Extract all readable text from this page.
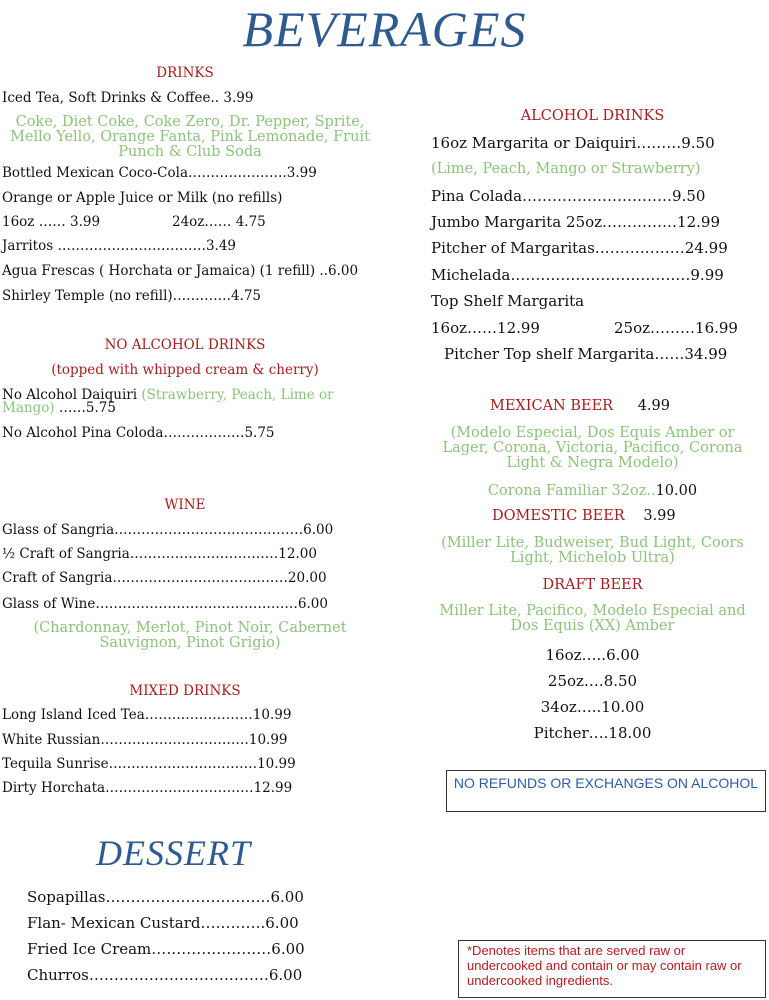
BEVERAGES
DRINKS
Iced Tea, Soft Drinks & Coffee.. 3.99
Coke, Diet Coke, Coke Zero, Dr. Pepper, Sprite, Mello Yello, Orange Fanta, Pink Lemonade, Fruit Punch & Club Soda
Bottled Mexican Coco-Cola………………….3.99
Orange or Apple Juice or Milk (no refills)
16oz …… 3.99	24oz…… 4.75
Jarritos ……………………………3.49
Agua Frescas ( Horchata or Jamaica) (1 refill) ..6.00
Shirley Temple (no refill)………….4.75
NO ALCOHOL DRINKS
(topped with whipped cream & cherry)
No Alcohol Daiquiri (Strawberry, Peach, Lime or
Mango) ……5.75
No Alcohol Pina Coloda………………5.75
WINE
Glass of Sangria……………………………………6.00
½ Craft of Sangria……………………………12.00
Craft of Sangria…………………………………20.00
Glass of Wine………………………………………6.00
(Chardonnay, Merlot, Pinot Noir, Cabernet Sauvignon, Pinot Grigio)
MIXED DRINKS
Long Island Iced Tea……………………10.99
White Russian……………………………10.99
Tequila Sunrise……………………………10.99
Dirty Horchata……………………………12.99
DESSERT
Sopapillas……………………………6.00
Flan- Mexican Custard………….6.00
Fried Ice Cream……………………6.00
Churros………………………………6.00
ALCOHOL DRINKS
16oz Margarita or Daiquiri………9.50
(Lime, Peach, Mango or Strawberry)
Pina Colada…………………………9.50
Jumbo Margarita 25oz……………12.99
Pitcher of Margaritas………………24.99
Michelada………………………………9.99
Top Shelf Margarita
16oz……12.99	25oz………16.99
Pitcher Top shelf Margarita……34.99
MEXICAN BEER 4.99
(Modelo Especial, Dos Equis Amber or Lager, Corona, Victoria, Pacifico, Corona Light & Negra Modelo)
Corona Familiar 32oz..10.00
DOMESTIC BEER 3.99
(Miller Lite, Budweiser, Bud Light, Coors Light, Michelob Ultra)
DRAFT BEER
Miller Lite, Pacifico, Modelo Especial and Dos Equis (XX) Amber
16oz…..6.00
25oz….8.50
34oz…..10.00
Pitcher….18.00
NO REFUNDS OR EXCHANGES ON ALCOHOL
*Denotes items that are served raw or undercooked and contain or may contain raw or undercooked ingredients.
